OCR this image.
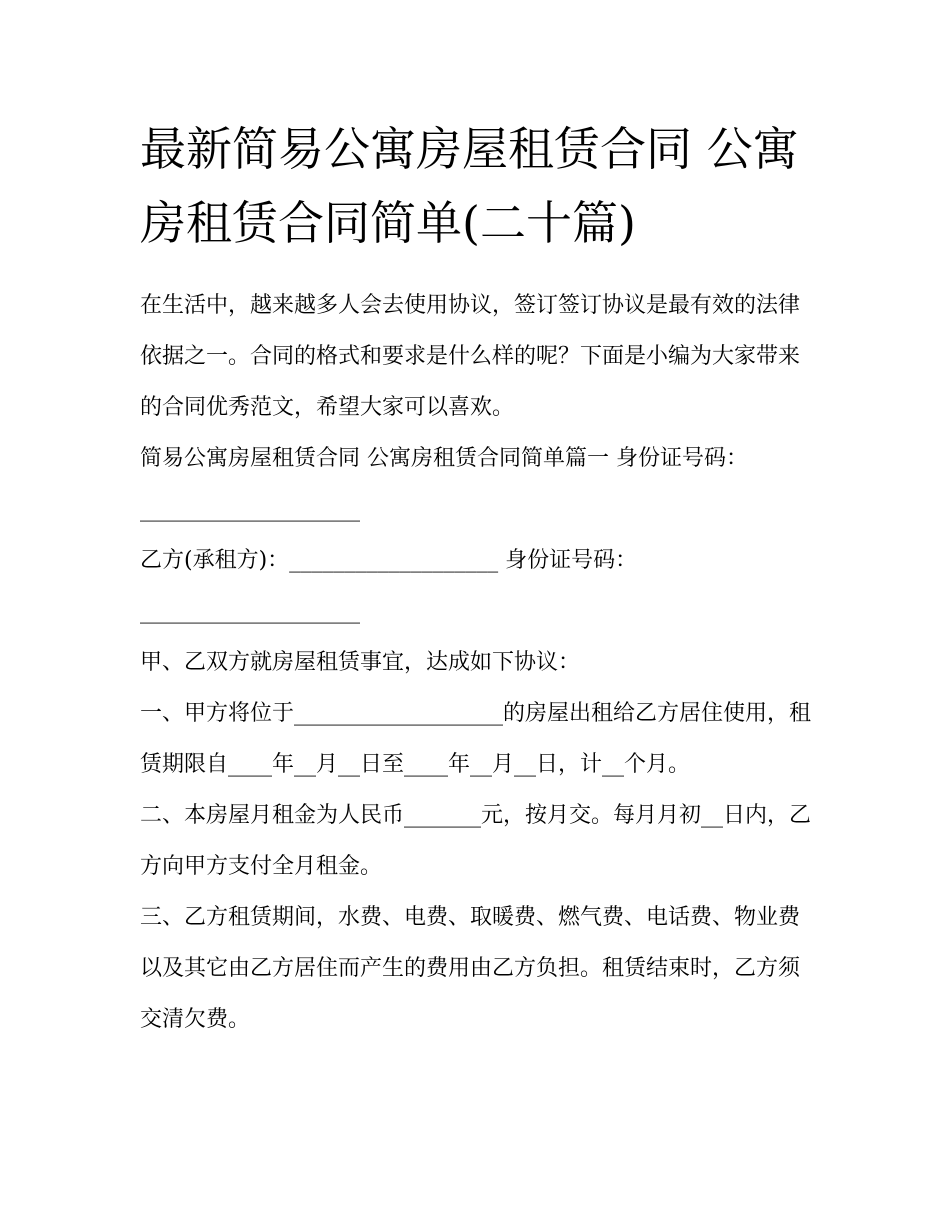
最新简易公寓房屋租赁合同 公寓房租赁合同简单(二十篇)

在生活中，越来越多人会去使用协议，签订签订协议是最有效的法律依据之一。合同的格式和要求是什么样的呢？下面是小编为大家带来的合同优秀范文，希望大家可以喜欢。

简易公寓房屋租赁合同 公寓房租赁合同简单篇一 身份证号码：____________________

乙方(承租方)：___________________ 身份证号码：____________________

甲、乙双方就房屋租赁事宜，达成如下协议：

一、甲方将位于___________________的房屋出租给乙方居住使用，租赁期限自____年__月__日至____年__月__日，计__个月。

二、本房屋月租金为人民币_______元，按月交。每月月初__日内，乙方向甲方支付全月租金。

三、乙方租赁期间，水费、电费、取暖费、燃气费、电话费、物业费以及其它由乙方居住而产生的费用由乙方负担。租赁结束时，乙方须交清欠费。
